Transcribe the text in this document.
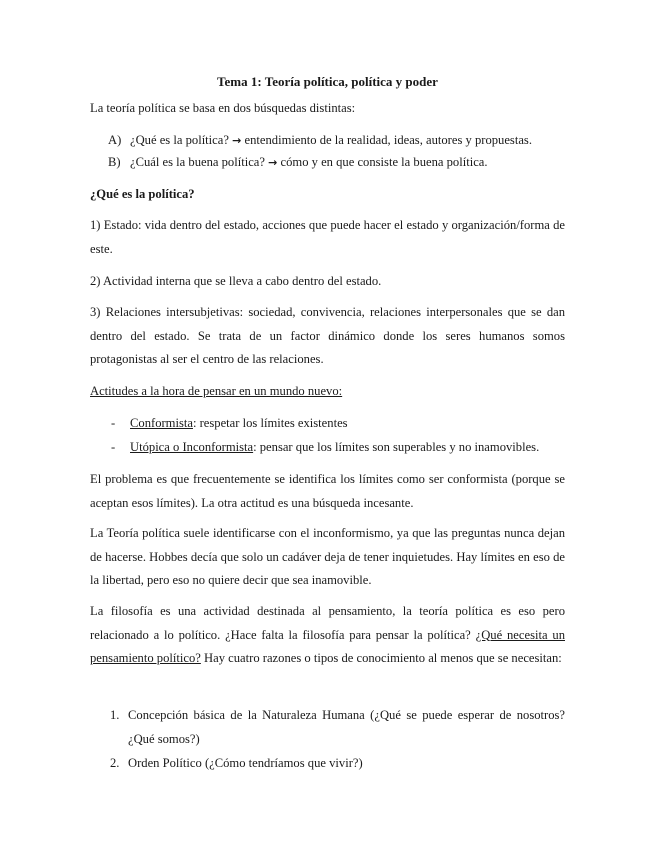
Tema 1: Teoría política, política y poder
La teoría política se basa en dos búsquedas distintas:
A) ¿Qué es la política? → entendimiento de la realidad, ideas, autores y propuestas.
B) ¿Cuál es la buena política? → cómo y en que consiste la buena política.
¿Qué es la política?
1) Estado: vida dentro del estado, acciones que puede hacer el estado y organización/forma de este.
2) Actividad interna que se lleva a cabo dentro del estado.
3) Relaciones intersubjetivas: sociedad, convivencia, relaciones interpersonales que se dan dentro del estado. Se trata de un factor dinámico donde los seres humanos somos protagonistas al ser el centro de las relaciones.
Actitudes a la hora de pensar en un mundo nuevo:
- Conformista: respetar los límites existentes
- Utópica o Inconformista: pensar que los límites son superables y no inamovibles.
El problema es que frecuentemente se identifica los límites como ser conformista (porque se aceptan esos límites). La otra actitud es una búsqueda incesante.
La Teoría política suele identificarse con el inconformismo, ya que las preguntas nunca dejan de hacerse. Hobbes decía que solo un cadáver deja de tener inquietudes. Hay límites en eso de la libertad, pero eso no quiere decir que sea inamovible.
La filosofía es una actividad destinada al pensamiento, la teoría política es eso pero relacionado a lo político. ¿Hace falta la filosofía para pensar la política? ¿Qué necesita un pensamiento político? Hay cuatro razones o tipos de conocimiento al menos que se necesitan:
1. Concepción básica de la Naturaleza Humana (¿Qué se puede esperar de nosotros? ¿Qué somos?)
2. Orden Político (¿Cómo tendríamos que vivir?)
